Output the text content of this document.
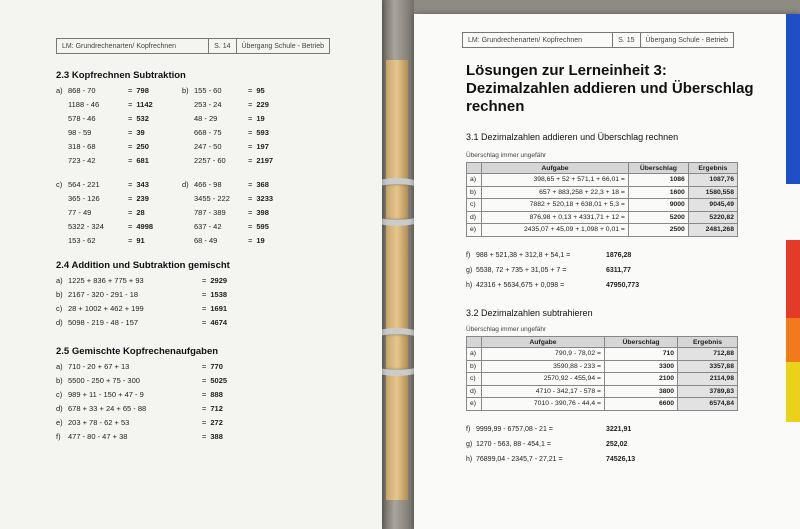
LM: Grundrechenarten/ Kopfrechnen	S. 14	Übergang Schule - Betrieb
2.3 Kopfrechnen Subtraktion
a) 868 - 70	= 798
1188 - 46	= 1142
578 - 46	= 532
98 - 59	= 39
318 - 68	= 250
723 - 42	= 681
b) 155 - 60	= 95
253 - 24	= 229
48 - 29	= 19
668 - 75	= 593
247 - 50	= 197
2257 - 60	= 2197
c) 564 - 221	= 343
365 - 126	= 239
77 - 49	= 28
5322 - 324	= 4998
153 - 62	= 91
d) 466 - 98	= 368
3455 - 222 = 3233
787 - 389	= 398
637 - 42	= 595
68 - 49	= 19
2.4 Addition und Subtraktion gemischt
a) 1225 + 836 + 775 + 93	= 2929
b) 2167 - 320 - 291 - 18	= 1538
c) 28 + 1002 + 462 + 199	= 1691
d) 5098 - 219 - 48 - 157	= 4674
2.5 Gemischte Kopfrechenaufgaben
a) 710 - 20 + 67 + 13	= 770
b) 5500 - 250 + 75 - 300	= 5025
c) 989 + 11 - 150 + 47 - 9	= 888
d) 678 + 33 + 24 + 65 - 88	= 712
e) 203 + 78 - 62 + 53	= 272
f) 477 - 80 - 47 + 38	= 388
LM: Grundrechenarten/ Kopfrechnen	S. 15	Übergang Schule - Betrieb
Lösungen zur Lerneinheit 3: Dezimalzahlen addieren und Überschlag rechnen
3.1 Dezimalzahlen addieren und Überschlag rechnen
Überschlag immer ungefähr
	Aufgabe	Überschlag	Ergebnis
a)	398,65 + 52 + 571,1 + 66,01 =	1086	1087,76
b)	657 + 883,258 + 22,3 + 18 =	1600	1580,558
c)	7882 + 520,18 + 638,01 + 5,3 =	9000	9045,49
d)	876,98 + 0,13 + 4331,71 + 12 =	5200	5220,82
e)	2435,07 + 45,09 + 1,098 + 0,01 =	2500	2481,268
f) 988 + 521,38 + 312,8 + 54,1 =	1876,28
g) 5538, 72 + 735 + 31,05 + 7 =	6311,77
h) 42316 + 5634,675 + 0,098 =	47950,773
3.2 Dezimalzahlen subtrahieren
Überschlag immer ungefähr
	Aufgabe	Überschlag	Ergebnis
a)	790,9 - 78,02 =	710	712,88
b)	3590,88 - 233 =	3300	3357,88
c)	2570,92 - 455,94 =	2100	2114,98
d)	4710 - 342,17 - 578 =	3800	3789,83
e)	7010 - 390,76 - 44,4 =	6600	6574,84
f) 9999,99 - 6757,08 - 21 =	3221,91
g) 1270 - 563, 88 - 454,1 =	252,02
h) 76899,04 - 2345,7 - 27,21 =	74526,13
